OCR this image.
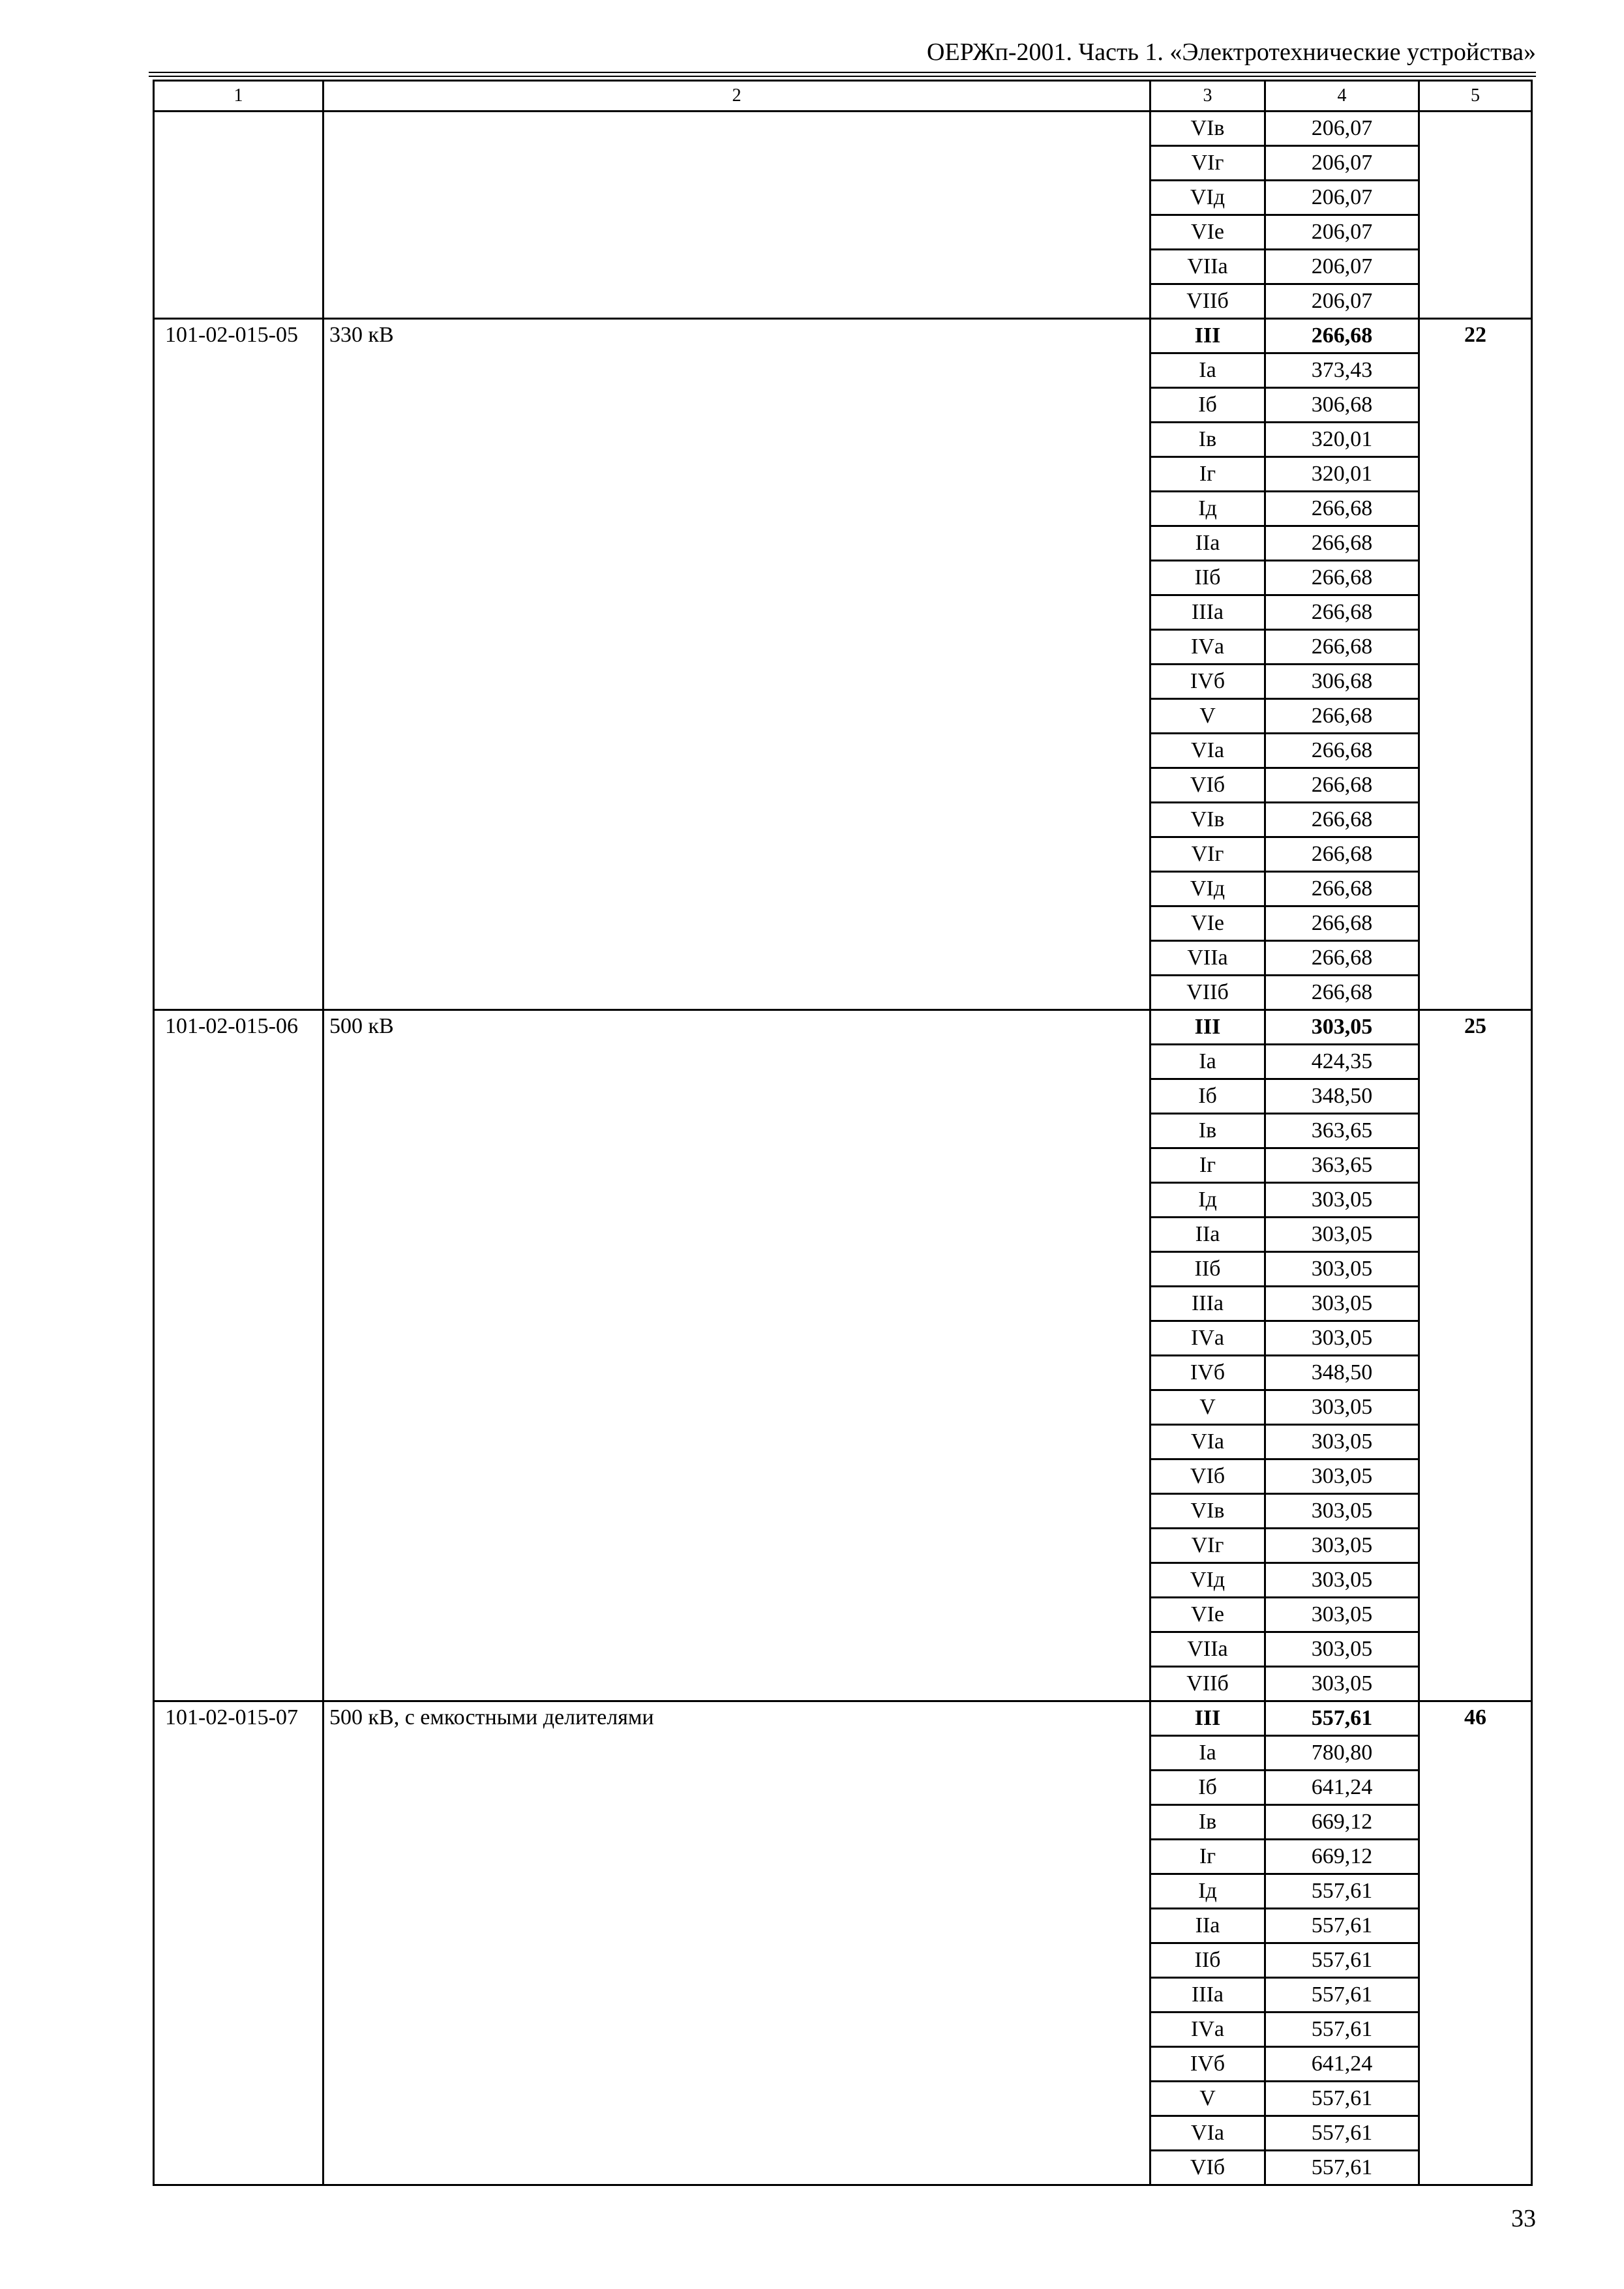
ОЕРЖп-2001. Часть 1. «Электротехнические устройства»
1	2	3	4	5
		VIв	206,07	
		VIг	206,07	
		VIд	206,07	
		VIе	206,07	
		VIIа	206,07	
		VIIб	206,07	
101-02-015-05	330 кВ	III	266,68	22
		Iа	373,43	
		Iб	306,68	
		Iв	320,01	
		Iг	320,01	
		Iд	266,68	
		IIа	266,68	
		IIб	266,68	
		IIIа	266,68	
		IVа	266,68	
		IVб	306,68	
		V	266,68	
		VIа	266,68	
		VIб	266,68	
		VIв	266,68	
		VIг	266,68	
		VIд	266,68	
		VIе	266,68	
		VIIа	266,68	
		VIIб	266,68	
101-02-015-06	500 кВ	III	303,05	25
		Iа	424,35	
		Iб	348,50	
		Iв	363,65	
		Iг	363,65	
		Iд	303,05	
		IIа	303,05	
		IIб	303,05	
		IIIа	303,05	
		IVа	303,05	
		IVб	348,50	
		V	303,05	
		VIа	303,05	
		VIб	303,05	
		VIв	303,05	
		VIг	303,05	
		VIд	303,05	
		VIе	303,05	
		VIIа	303,05	
		VIIб	303,05	
101-02-015-07	500 кВ, с емкостными делителями	III	557,61	46
		Iа	780,80	
		Iб	641,24	
		Iв	669,12	
		Iг	669,12	
		Iд	557,61	
		IIа	557,61	
		IIб	557,61	
		IIIа	557,61	
		IVа	557,61	
		IVб	641,24	
		V	557,61	
		VIа	557,61	
		VIб	557,61	
33
